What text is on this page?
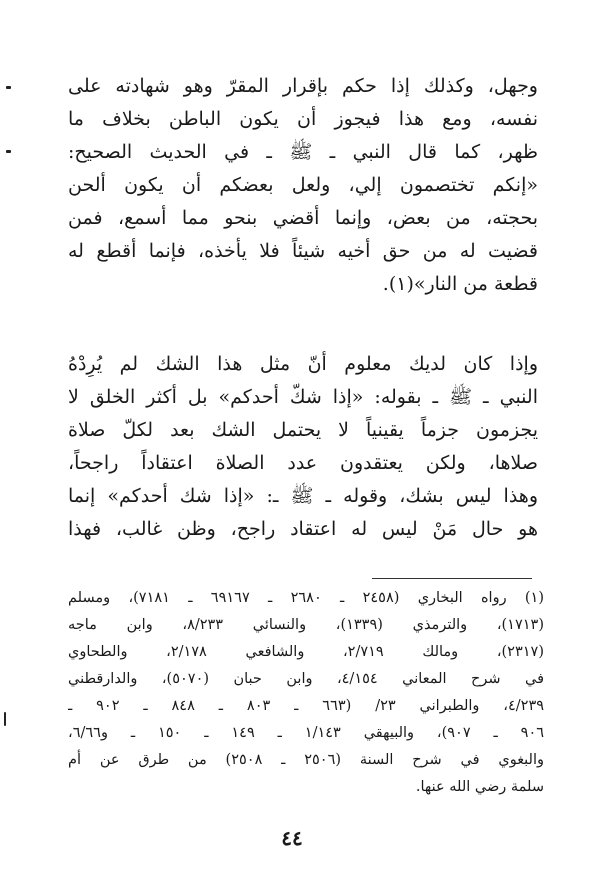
وجهل، وكذلك إذا حكم بإقرار المقرّ وهو شهادته على
نفسه، ومع هذا فيجوز أن يكون الباطن بخلاف ما
ظهر، كما قال النبي ـ ﷺ ـ في الحديث الصحيح:
«إنكم تختصمون إلي، ولعل بعضكم أن يكون ألحن
بحجته، من بعض، وإنما أقضي بنحو مما أسمع، فمن
قضيت له من حق أخيه شيئاً فلا يأخذه، فإنما أقطع له
قطعة من النار»(١).
وإذا كان لديك معلوم أنّ مثل هذا الشك لم يُرِدْهُ
النبي ـ ﷺ ـ بقوله: «إذا شكّ أحدكم» بل أكثر الخلق لا
يجزمون جزماً يقينياً لا يحتمل الشك بعد لكلّ صلاة
صلاها، ولكن يعتقدون عدد الصلاة اعتقاداً راجحاً،
وهذا ليس بشك، وقوله ـ ﷺ ـ: «إذا شك أحدكم» إنما
هو حال مَنْ ليس له اعتقاد راجح، وظن غالب، فهذا
(١) رواه البخاري (٢٤٥٨ ـ ٢٦٨٠ ـ ٦٩١٦٧ ـ ٧١٨١)، ومسلم
(١٧١٣)، والترمذي (١٣٣٩)، والنسائي ٨/٢٣٣، وابن ماجه
(٢٣١٧)، ومالك ٢/٧١٩، والشافعي ٢/١٧٨، والطحاوي
في شرح المعاني ٤/١٥٤، وابن حبان (٥٠٧٠)، والدارقطني
٤/٢٣٩، والطبراني ٢٣/ (٦٦٣ ـ ٨٠٣ ـ ٨٤٨ ـ ٩٠٢ ـ
٩٠٦ ـ ٩٠٧)، والبيهقي ١/١٤٣ ـ ١٤٩ ـ ١٥٠ ـ و٦/٦٦،
والبغوي في شرح السنة (٢٥٠٦ ـ ٢٥٠٨) من طرق عن أم
سلمة رضي الله عنها.
٤٤
